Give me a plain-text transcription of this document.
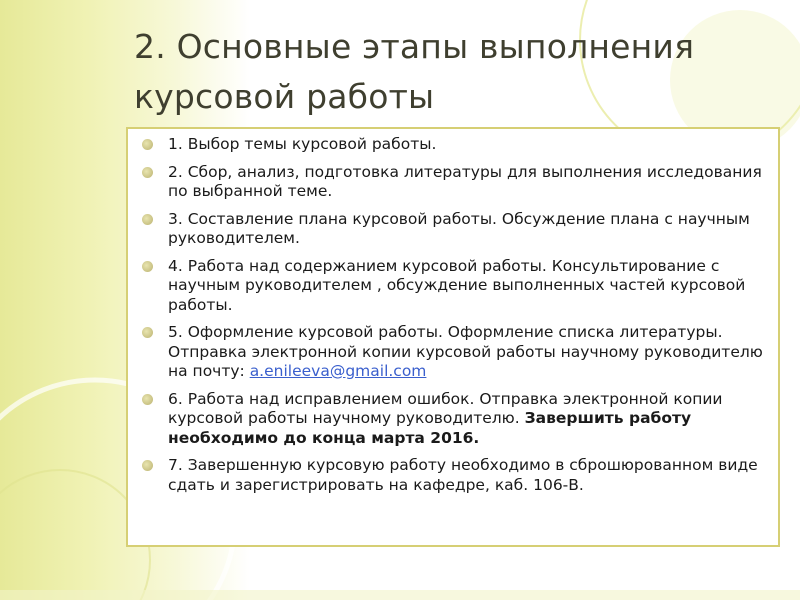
2. Основные этапы выполнения курсовой работы
1. Выбор темы курсовой работы.
2. Сбор, анализ, подготовка литературы для выполнения исследования по выбранной теме.
3. Составление плана курсовой работы. Обсуждение плана с научным руководителем.
4. Работа над содержанием курсовой работы. Консультирование с научным руководителем , обсуждение выполненных частей курсовой работы.
5. Оформление курсовой работы. Оформление списка литературы. Отправка электронной копии курсовой работы научному руководителю на почту: a.enileeva@gmail.com
6. Работа над исправлением ошибок. Отправка электронной копии курсовой работы научному руководителю. Завершить работу необходимо до конца марта 2016.
7. Завершенную курсовую работу необходимо в сброшюрованном виде сдать и зарегистрировать на кафедре, каб. 106-В.
